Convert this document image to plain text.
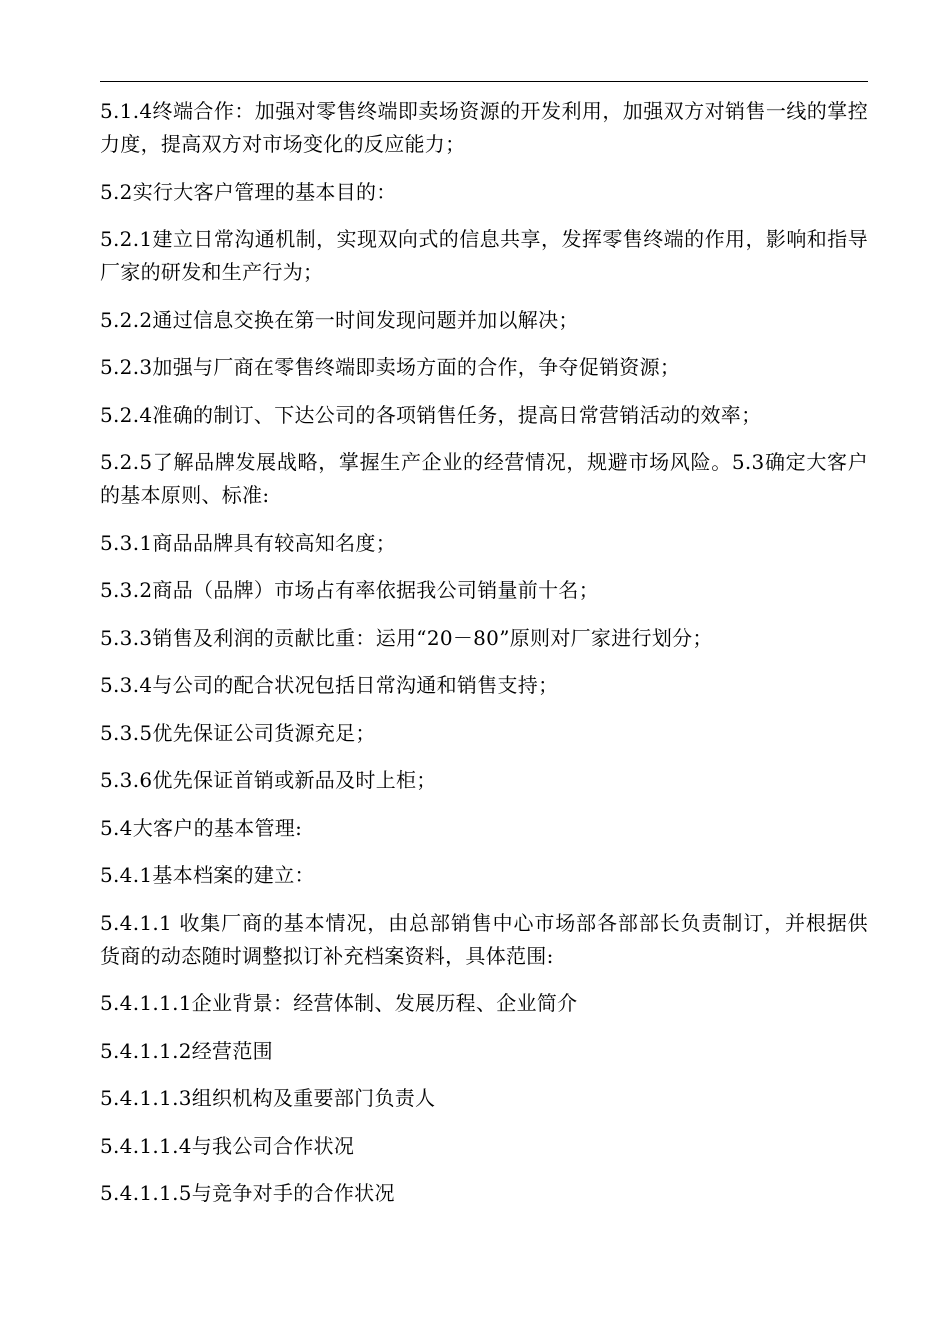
5.1.4终端合作：加强对零售终端即卖场资源的开发利用，加强双方对销售一线的掌控力度，提高双方对市场变化的反应能力；

5.2实行大客户管理的基本目的：

5.2.1建立日常沟通机制，实现双向式的信息共享，发挥零售终端的作用，影响和指导厂家的研发和生产行为；

5.2.2通过信息交换在第一时间发现问题并加以解决；

5.2.3加强与厂商在零售终端即卖场方面的合作，争夺促销资源；

5.2.4准确的制订、下达公司的各项销售任务，提高日常营销活动的效率；

5.2.5了解品牌发展战略，掌握生产企业的经营情况，规避市场风险。5.3确定大客户的基本原则、标准:

5.3.1商品品牌具有较高知名度；

5.3.2商品（品牌）市场占有率依据我公司销量前十名；

5.3.3销售及利润的贡献比重：运用“20－80”原则对厂家进行划分；

5.3.4与公司的配合状况包括日常沟通和销售支持；

5.3.5优先保证公司货源充足；

5.3.6优先保证首销或新品及时上柜；

5.4大客户的基本管理:

5.4.1基本档案的建立：

5.4.1.1 收集厂商的基本情况，由总部销售中心市场部各部部长负责制订，并根据供货商的动态随时调整拟订补充档案资料，具体范围:

5.4.1.1.1企业背景：经营体制、发展历程、企业简介

5.4.1.1.2经营范围

5.4.1.1.3组织机构及重要部门负责人

5.4.1.1.4与我公司合作状况

5.4.1.1.5与竞争对手的合作状况
